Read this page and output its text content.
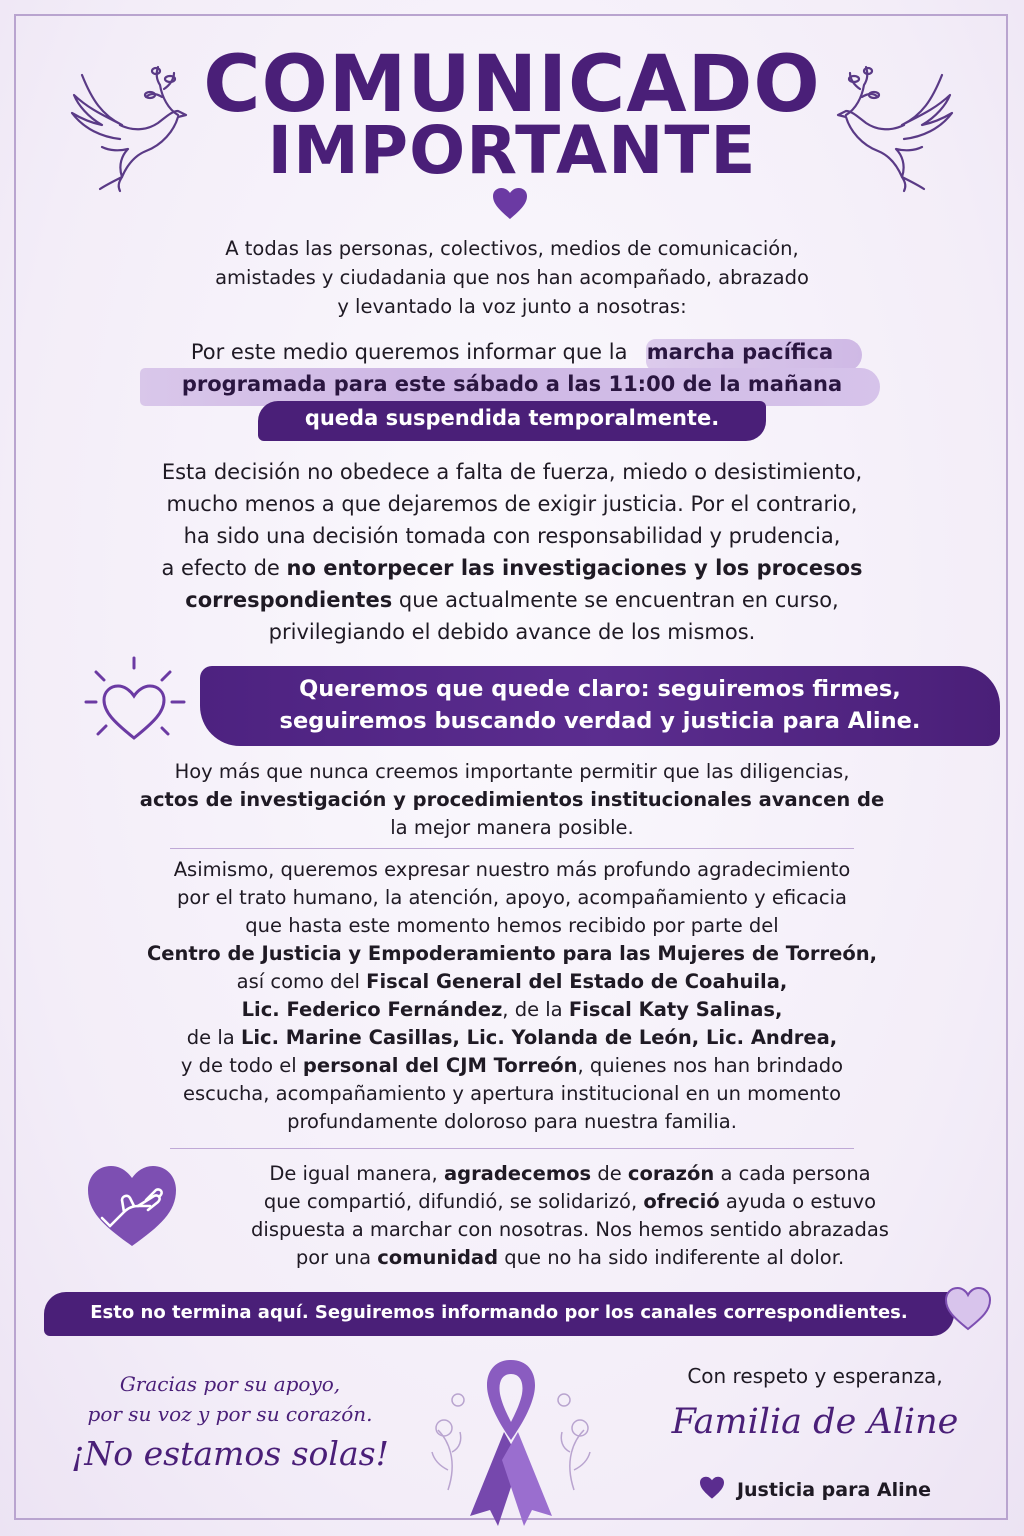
COMUNICADO
IMPORTANTE
A todas las personas, colectivos, medios de comunicación,
amistades y ciudadania que nos han acompañado, abrazado
y levantado la voz junto a nosotras:
Por este medio queremos informar que la marcha pacífica
programada para este sábado a las 11:00 de la mañana
queda suspendida temporalmente.
Esta decisión no obedece a falta de fuerza, miedo o desistimiento,
mucho menos a que dejaremos de exigir justicia. Por el contrario,
ha sido una decisión tomada con responsabilidad y prudencia,
a efecto de no entorpecer las investigaciones y los procesos
correspondientes que actualmente se encuentran en curso,
privilegiando el debido avance de los mismos.
Queremos que quede claro: seguiremos firmes,
seguiremos buscando verdad y justicia para Aline.
Hoy más que nunca creemos importante permitir que las diligencias,
actos de investigación y procedimientos institucionales avancen de
la mejor manera posible.
Asimismo, queremos expresar nuestro más profundo agradecimiento
por el trato humano, la atención, apoyo, acompañamiento y eficacia
que hasta este momento hemos recibido por parte del
Centro de Justicia y Empoderamiento para las Mujeres de Torreón,
así como del Fiscal General del Estado de Coahuila,
Lic. Federico Fernández, de la Fiscal Katy Salinas,
de la Lic. Marine Casillas, Lic. Yolanda de León, Lic. Andrea,
y de todo el personal del CJM Torreón, quienes nos han brindado
escucha, acompañamiento y apertura institucional en un momento
profundamente doloroso para nuestra familia.
De igual manera, agradecemos de corazón a cada persona
que compartió, difundió, se solidarizó, ofreció ayuda o estuvo
dispuesta a marchar con nosotras. Nos hemos sentido abrazadas
por una comunidad que no ha sido indiferente al dolor.
Esto no termina aquí. Seguiremos informando por los canales correspondientes.
Gracias por su apoyo,
por su voz y por su corazón.
¡No estamos solas!
Con respeto y esperanza,
Familia de Aline
Justicia para Aline
